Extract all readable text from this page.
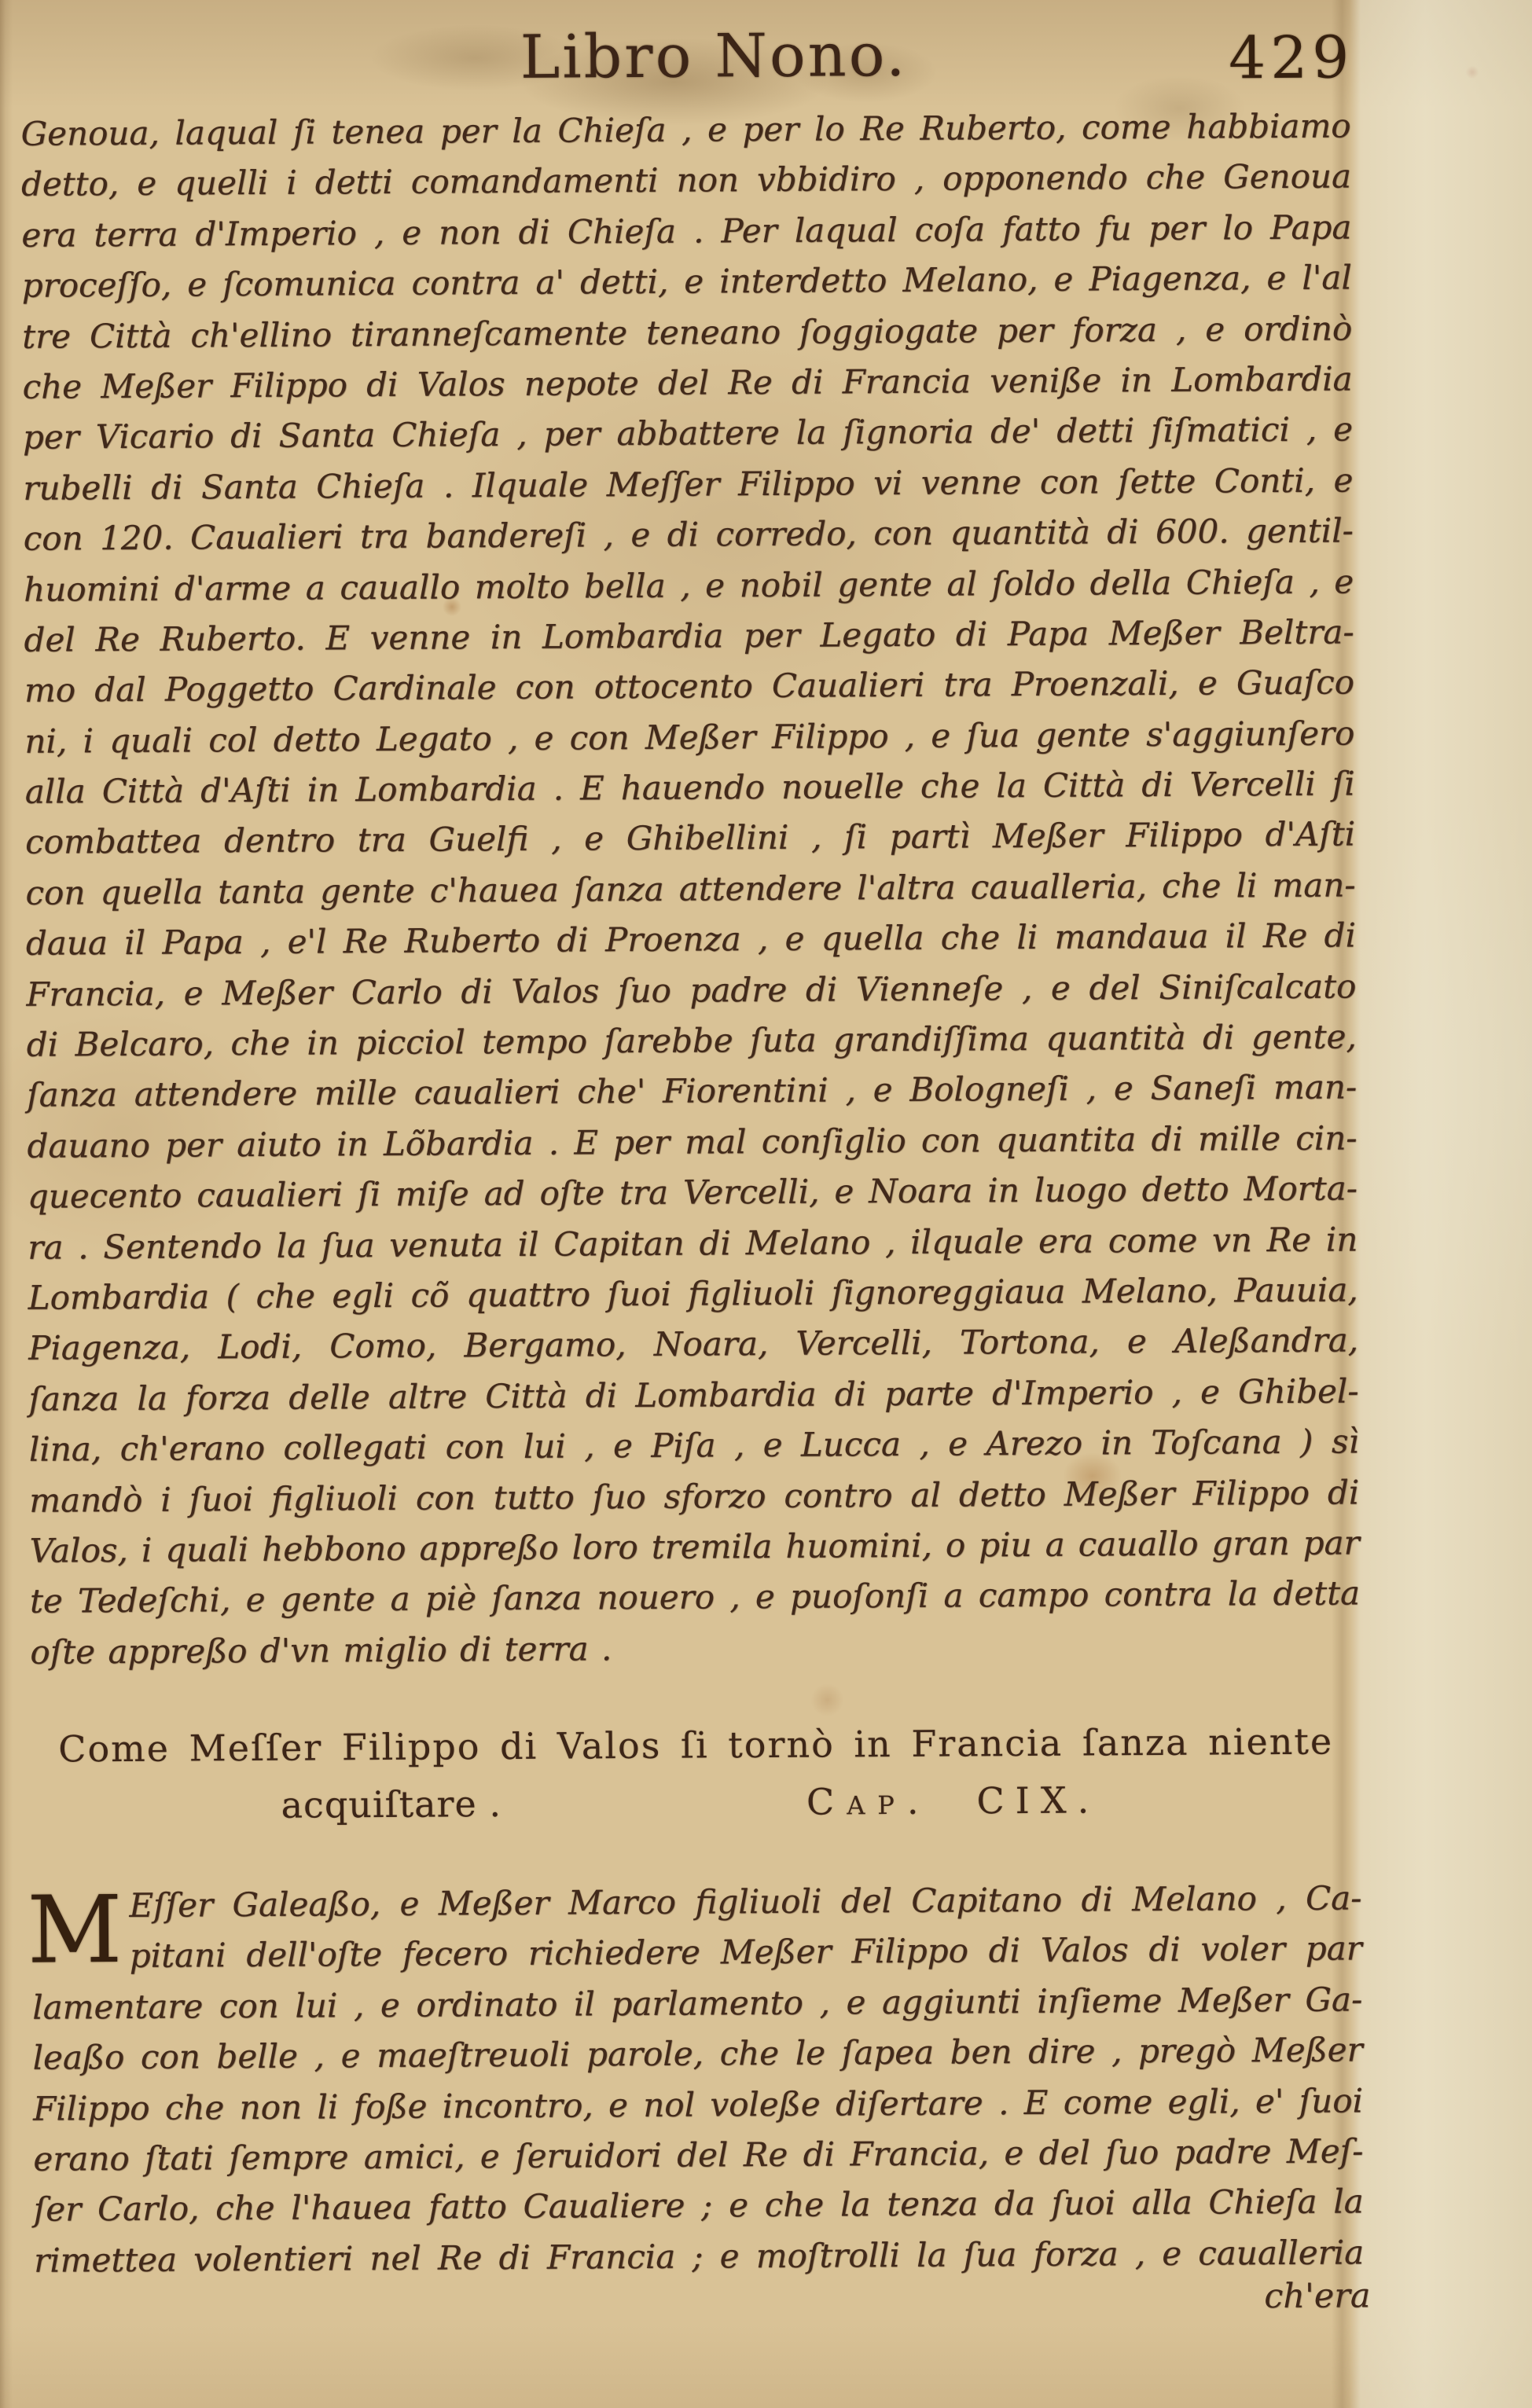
Libro Nono.	429
Genoua, laqual ſi tenea per la Chieſa , e per lo Re Ruberto, come habbiamo
detto, e quelli i detti comandamenti non vbbidiro , opponendo che Genoua
era terra d'Imperio , e non di Chieſa . Per laqual coſa fatto fu per lo Papa
proceſſo, e ſcomunica contra a' detti, e interdetto Melano, e Piagenza, e l'al
tre Città ch'ellino tiranneſcamente teneano ſoggiogate per forza , e ordinò
che Meßer Filippo di Valos nepote del Re di Francia veniße in Lombardia
per Vicario di Santa Chieſa , per abbattere la ſignoria de' detti ſiſmatici , e
rubelli di Santa Chieſa . Ilquale Meſſer Filippo vi venne con ſette Conti, e
con 120. Caualieri tra bandereſi , e di corredo, con quantità di 600. gentil-
huomini d'arme a cauallo molto bella , e nobil gente al ſoldo della Chieſa , e
del Re Ruberto. E venne in Lombardia per Legato di Papa Meßer Beltra-
mo dal Poggetto Cardinale con ottocento Caualieri tra Proenzali, e Guaſco
ni, i quali col detto Legato , e con Meßer Filippo , e ſua gente s'aggiunſero
alla Città d'Aſti in Lombardia . E hauendo nouelle che la Città di Vercelli ſi
combattea dentro tra Guelfi , e Ghibellini , ſi partì Meßer Filippo d'Aſti
con quella tanta gente c'hauea ſanza attendere l'altra caualleria, che li man-
daua il Papa , e'l Re Ruberto di Proenza , e quella che li mandaua il Re di
Francia, e Meßer Carlo di Valos ſuo padre di Vienneſe , e del Siniſcalcato
di Belcaro, che in picciol tempo ſarebbe ſuta grandiſſima quantità di gente,
ſanza attendere mille caualieri che' Fiorentini , e Bologneſi , e Saneſi man-
dauano per aiuto in Lõbardia . E per mal conſiglio con quantita di mille cin-
quecento caualieri ſi miſe ad oſte tra Vercelli, e Noara in luogo detto Morta-
ra . Sentendo la ſua venuta il Capitan di Melano , ilquale era come vn Re in
Lombardia ( che egli cõ quattro ſuoi figliuoli ſignoreggiaua Melano, Pauuia,
Piagenza, Lodi, Como, Bergamo, Noara, Vercelli, Tortona, e Aleßandra,
ſanza la forza delle altre Città di Lombardia di parte d'Imperio , e Ghibel-
lina, ch'erano collegati con lui , e Piſa , e Lucca , e Arezo in Toſcana ) sì
mandò i ſuoi figliuoli con tutto ſuo sforzo contro al detto Meßer Filippo di
Valos, i quali hebbono appreßo loro tremila huomini, o piu a cauallo gran par
te Tedeſchi, e gente a piè ſanza nouero , e puoſonſi a campo contra la detta
oſte appreßo d'vn miglio di terra .
Come Meſſer Filippo di Valos ſi tornò in Francia ſanza niente
acquiſtare .	Cap. CIX.
M Eſſer Galeaßo, e Meßer Marco figliuoli del Capitano di Melano , Ca-
pitani dell'oſte fecero richiedere Meßer Filippo di Valos di voler par
lamentare con lui , e ordinato il parlamento , e aggiunti inſieme Meßer Ga-
leaßo con belle , e maeſtreuoli parole, che le ſapea ben dire , pregò Meßer
Filippo che non li foße incontro, e nol voleße diſertare . E come egli, e' ſuoi
erano ſtati ſempre amici, e ſeruidori del Re di Francia, e del ſuo padre Meſ-
ſer Carlo, che l'hauea fatto Caualiere ; e che la tenza da ſuoi alla Chieſa la
rimettea volentieri nel Re di Francia ; e moſtrolli la ſua forza , e caualleria
ch'era
